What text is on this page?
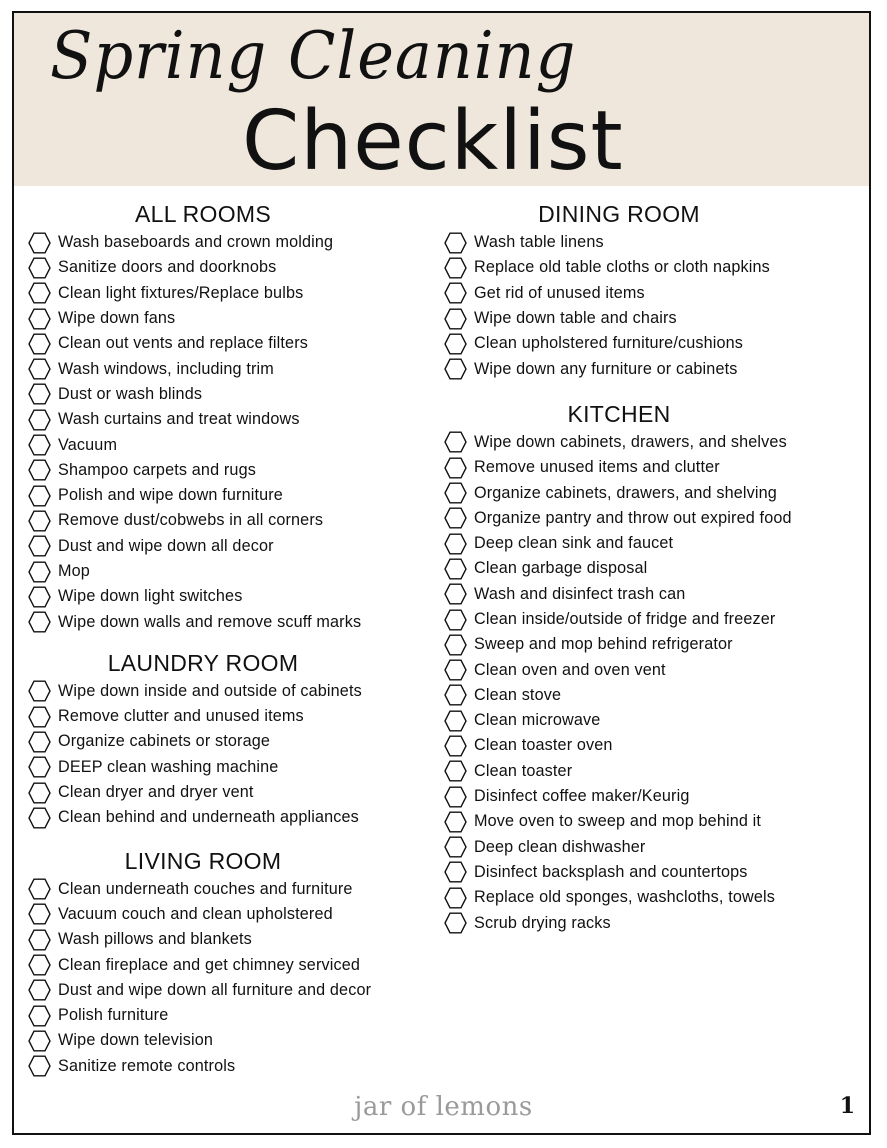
Spring Cleaning
Checklist
ALL ROOMS
Wash baseboards and crown molding
Sanitize doors and doorknobs
Clean light fixtures/Replace bulbs
Wipe down fans
Clean out vents and replace filters
Wash windows, including trim
Dust or wash blinds
Wash curtains and treat windows
Vacuum
Shampoo carpets and rugs
Polish and wipe down furniture
Remove dust/cobwebs in all corners
Dust and wipe down all decor
Mop
Wipe down light switches
Wipe down walls and remove scuff marks
LAUNDRY ROOM
Wipe down inside and outside of cabinets
Remove clutter and unused items
Organize cabinets or storage
DEEP clean washing machine
Clean dryer and dryer vent
Clean behind and underneath appliances
LIVING ROOM
Clean underneath couches and furniture
Vacuum couch and clean upholstered
Wash pillows and blankets
Clean fireplace and get chimney serviced
Dust and wipe down all furniture and decor
Polish furniture
Wipe down television
Sanitize remote controls
DINING ROOM
Wash table linens
Replace old table cloths or cloth napkins
Get rid of unused items
Wipe down table and chairs
Clean upholstered furniture/cushions
Wipe down any furniture or cabinets
KITCHEN
Wipe down cabinets, drawers, and shelves
Remove unused items and clutter
Organize cabinets, drawers, and shelving
Organize pantry and throw out expired food
Deep clean sink and faucet
Clean garbage disposal
Wash and disinfect trash can
Clean inside/outside of fridge and freezer
Sweep and mop behind refrigerator
Clean oven and oven vent
Clean stove
Clean microwave
Clean toaster oven
Clean toaster
Disinfect coffee maker/Keurig
Move oven to sweep and mop behind it
Deep clean dishwasher
Disinfect backsplash and countertops
Replace old sponges, washcloths, towels
Scrub drying racks
jar of lemons	1
